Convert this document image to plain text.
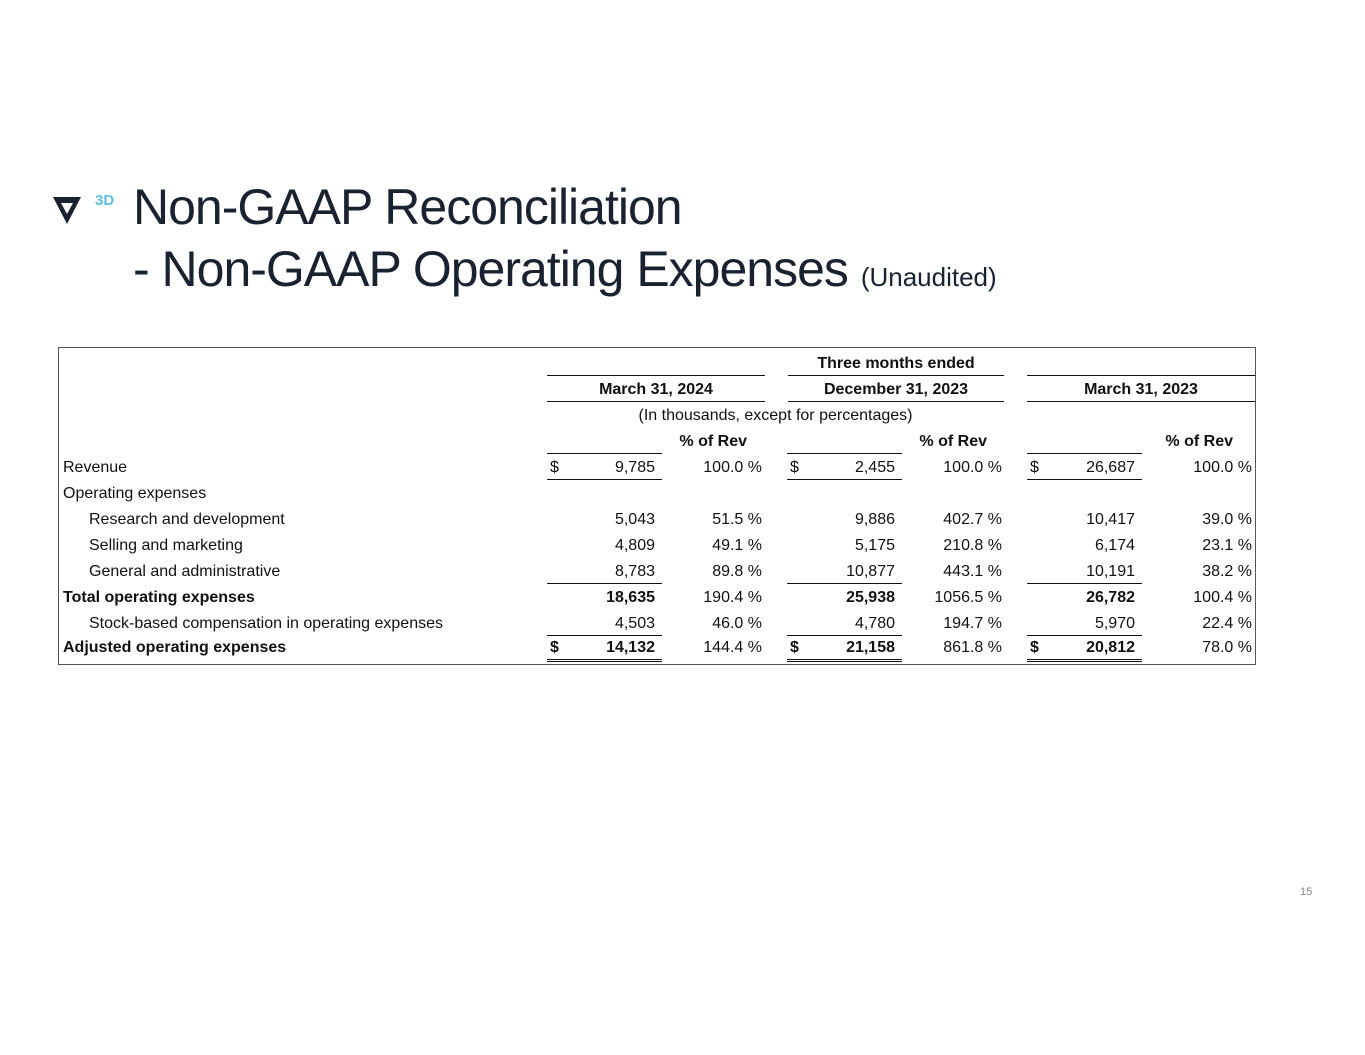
3D Non-GAAP Reconciliation
- Non-GAAP Operating Expenses (Unaudited)
Three months ended
March 31, 2024	December 31, 2023	March 31, 2023
(In thousands, except for percentages)
% of Rev	% of Rev	% of Rev
Revenue	$	9,785	100.0 % $	2,455	100.0 % $	26,687	100.0 %
Operating expenses
Research and development	5,043	51.5 %	9,886	402.7 %	10,417	39.0 %
Selling and marketing	4,809	49.1 %	5,175	210.8 %	6,174	23.1 %
General and administrative	8,783	89.8 %	10,877	443.1 %	10,191	38.2 %
Total operating expenses	18,635	190.4 %	25,938	1056.5 %	26,782	100.4 %
Stock-based compensation in operating expenses	4,503	46.0 %	4,780	194.7 %	5,970	22.4 %
Adjusted operating expenses	$	14,132	144.4 % $	21,158	861.8 % $	20,812	78.0 %
15
